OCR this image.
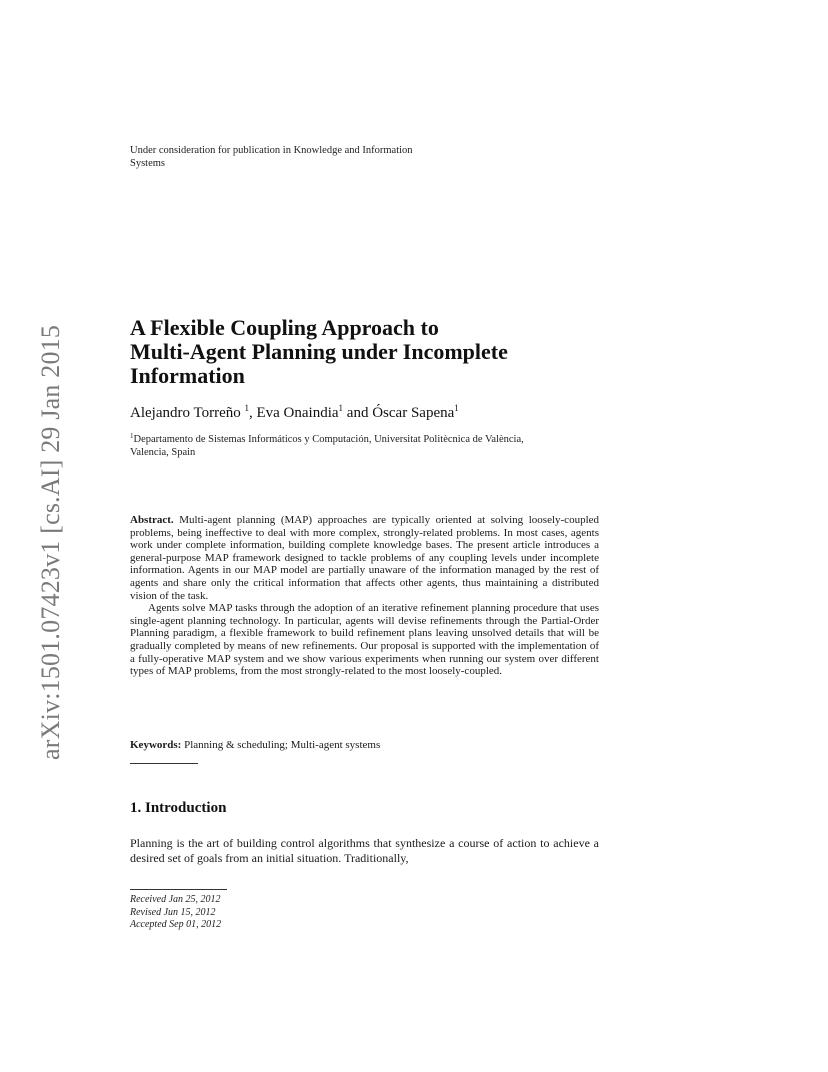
arXiv:1501.07423v1 [cs.AI] 29 Jan 2015
Under consideration for publication in Knowledge and Information
Systems
A Flexible Coupling Approach to
Multi-Agent Planning under Incomplete
Information
Alejandro Torreño $^1$, Eva Onaindia$^1$ and Óscar Sapena$^1$
$^1$Departamento de Sistemas Informáticos y Computación, Universitat Politècnica de València,
Valencia, Spain

Abstract. Multi-agent planning (MAP) approaches are typically oriented at solving loosely-coupled problems, being ineffective to deal with more complex, strongly-related problems. In most cases, agents work under complete information, building complete knowledge bases. The present article introduces a general-purpose MAP framework designed to tackle problems of any coupling levels under incomplete information. Agents in our MAP model are partially unaware of the information managed by the rest of agents and share only the critical information that affects other agents, thus maintaining a distributed vision of the task.

Agents solve MAP tasks through the adoption of an iterative refinement planning procedure that uses single-agent planning technology. In particular, agents will devise refinements through the Partial-Order Planning paradigm, a flexible framework to build refinement plans leaving unsolved details that will be gradually completed by means of new refinements. Our proposal is supported with the implementation of a fully-operative MAP system and we show various experiments when running our system over different types of MAP problems, from the most strongly-related to the most loosely-coupled.

Keywords: Planning & scheduling; Multi-agent systems
1. Introduction

Planning is the art of building control algorithms that synthesize a course of action to achieve a desired set of goals from an initial situation. Traditionally,

Received Jan 25, 2012
Revised Jun 15, 2012
Accepted Sep 01, 2012
